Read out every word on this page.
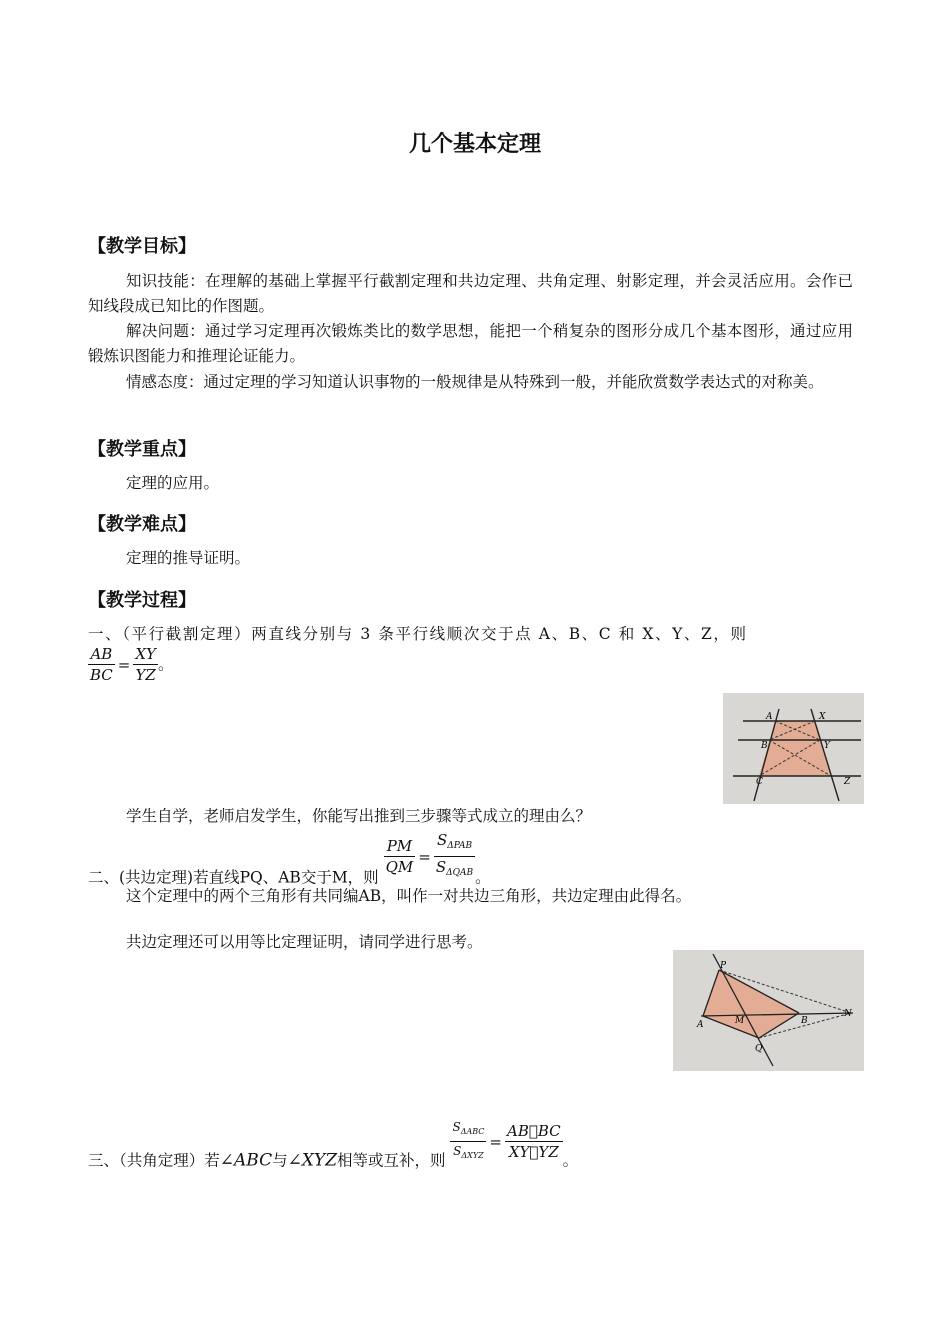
几个基本定理
【教学目标】
知识技能：在理解的基础上掌握平行截割定理和共边定理、共角定理、射影定理，并会灵活应用。会作已知线段成已知比的作图题。
解决问题：通过学习定理再次锻炼类比的数学思想，能把一个稍复杂的图形分成几个基本图形，通过应用锻炼识图能力和推理论证能力。
情感态度：通过定理的学习知道认识事物的一般规律是从特殊到一般，并能欣赏数学表达式的对称美。
【教学重点】
定理的应用。
【教学难点】
定理的推导证明。
【教学过程】
一、（平行截割定理）两直线分别与 3 条平行线顺次交于点 A、B、C 和 X、Y、Z，则
$\frac{AB}{BC} = \frac{XY}{YZ}$ 。
A	X
B	Y
C	Z
学生自学，老师启发学生，你能写出推到三步骤等式成立的理由么？
二、(共边定理)若直线PQ、AB交于M，则
$\frac{PM}{QM} = \frac{S_{\Delta PAB}}{S_{\Delta QAB}}$ 。
这个定理中的两个三角形有共同编AB，叫作一对共边三角形，共边定理由此得名。
共边定理还可以用等比定理证明，请同学进行思考。
P
A	M	B
N
Q
三、（共角定理）若∠ABC与∠XYZ相等或互补，则 $\frac{S_{\Delta ABC}}{S_{\Delta XYZ}} = \frac{AB􀀀BC}{XY􀀀YZ}$ 。
